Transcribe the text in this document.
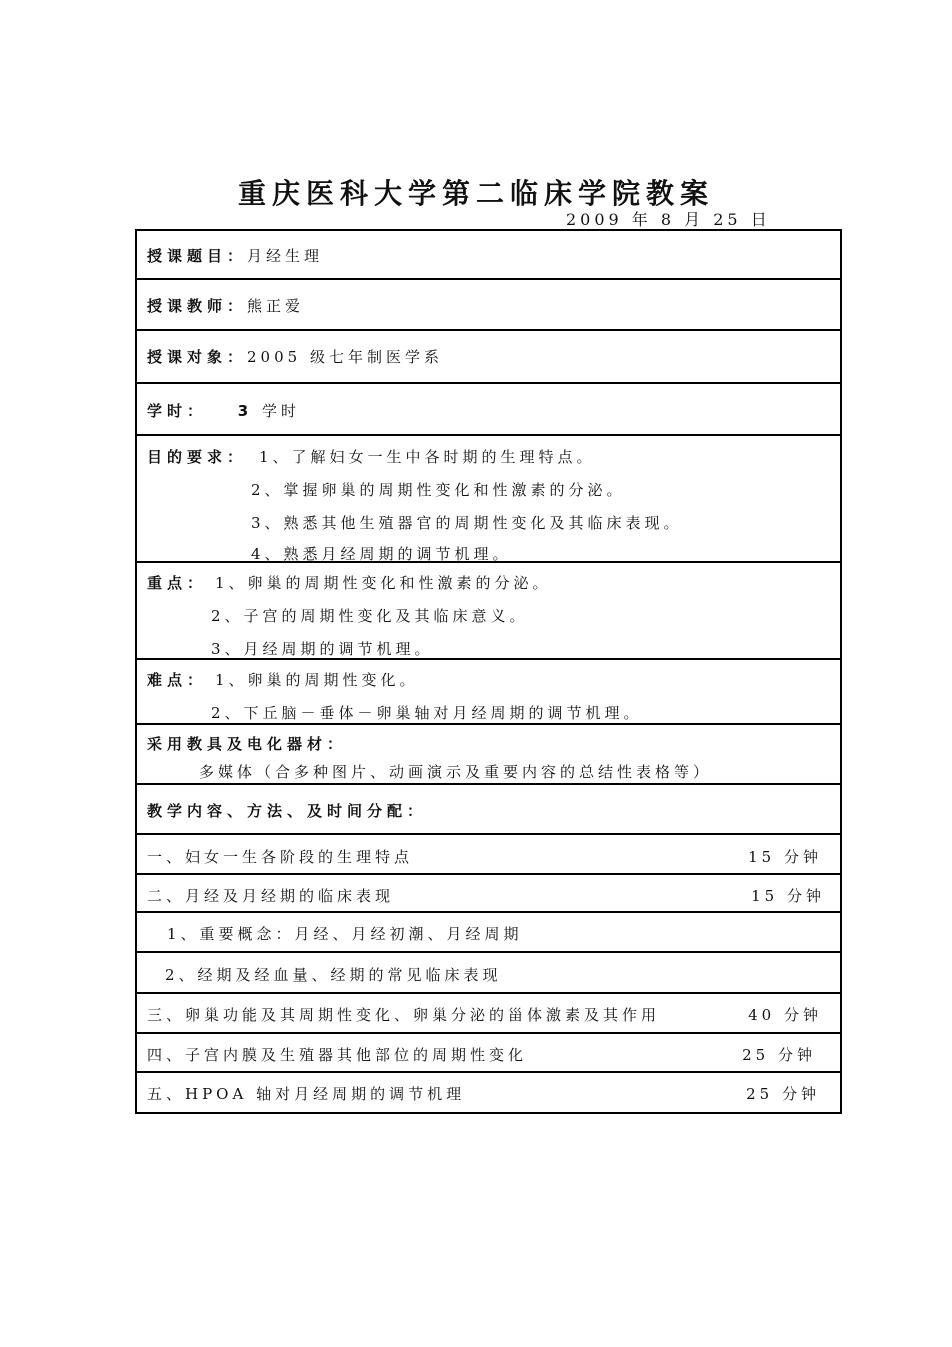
重庆医科大学第二临床学院教案
2009 年 8 月 25 日
授课题目：月经生理
授课教师：熊正爱
授课对象：2005 级七年制医学系
学时： 3 学时
目的要求： 1、了解妇女一生中各时期的生理特点。
2、掌握卵巢的周期性变化和性激素的分泌。
3、熟悉其他生殖器官的周期性变化及其临床表现。
4、熟悉月经周期的调节机理。
重点： 1、卵巢的周期性变化和性激素的分泌。
2、子宫的周期性变化及其临床意义。
3、月经周期的调节机理。
难点： 1、卵巢的周期性变化。
2、下丘脑－垂体－卵巢轴对月经周期的调节机理。
采用教具及电化器材：
多媒体（合多种图片、动画演示及重要内容的总结性表格等）
教学内容、方法、及时间分配：
一、妇女一生各阶段的生理特点	15 分钟
二、月经及月经期的临床表现	15 分钟
1、重要概念：月经、月经初潮、月经周期
2、经期及经血量、经期的常见临床表现
三、卵巢功能及其周期性变化、卵巢分泌的甾体激素及其作用	40 分钟
四、子宫内膜及生殖器其他部位的周期性变化	25 分钟
五、HPOA 轴对月经周期的调节机理	25 分钟
